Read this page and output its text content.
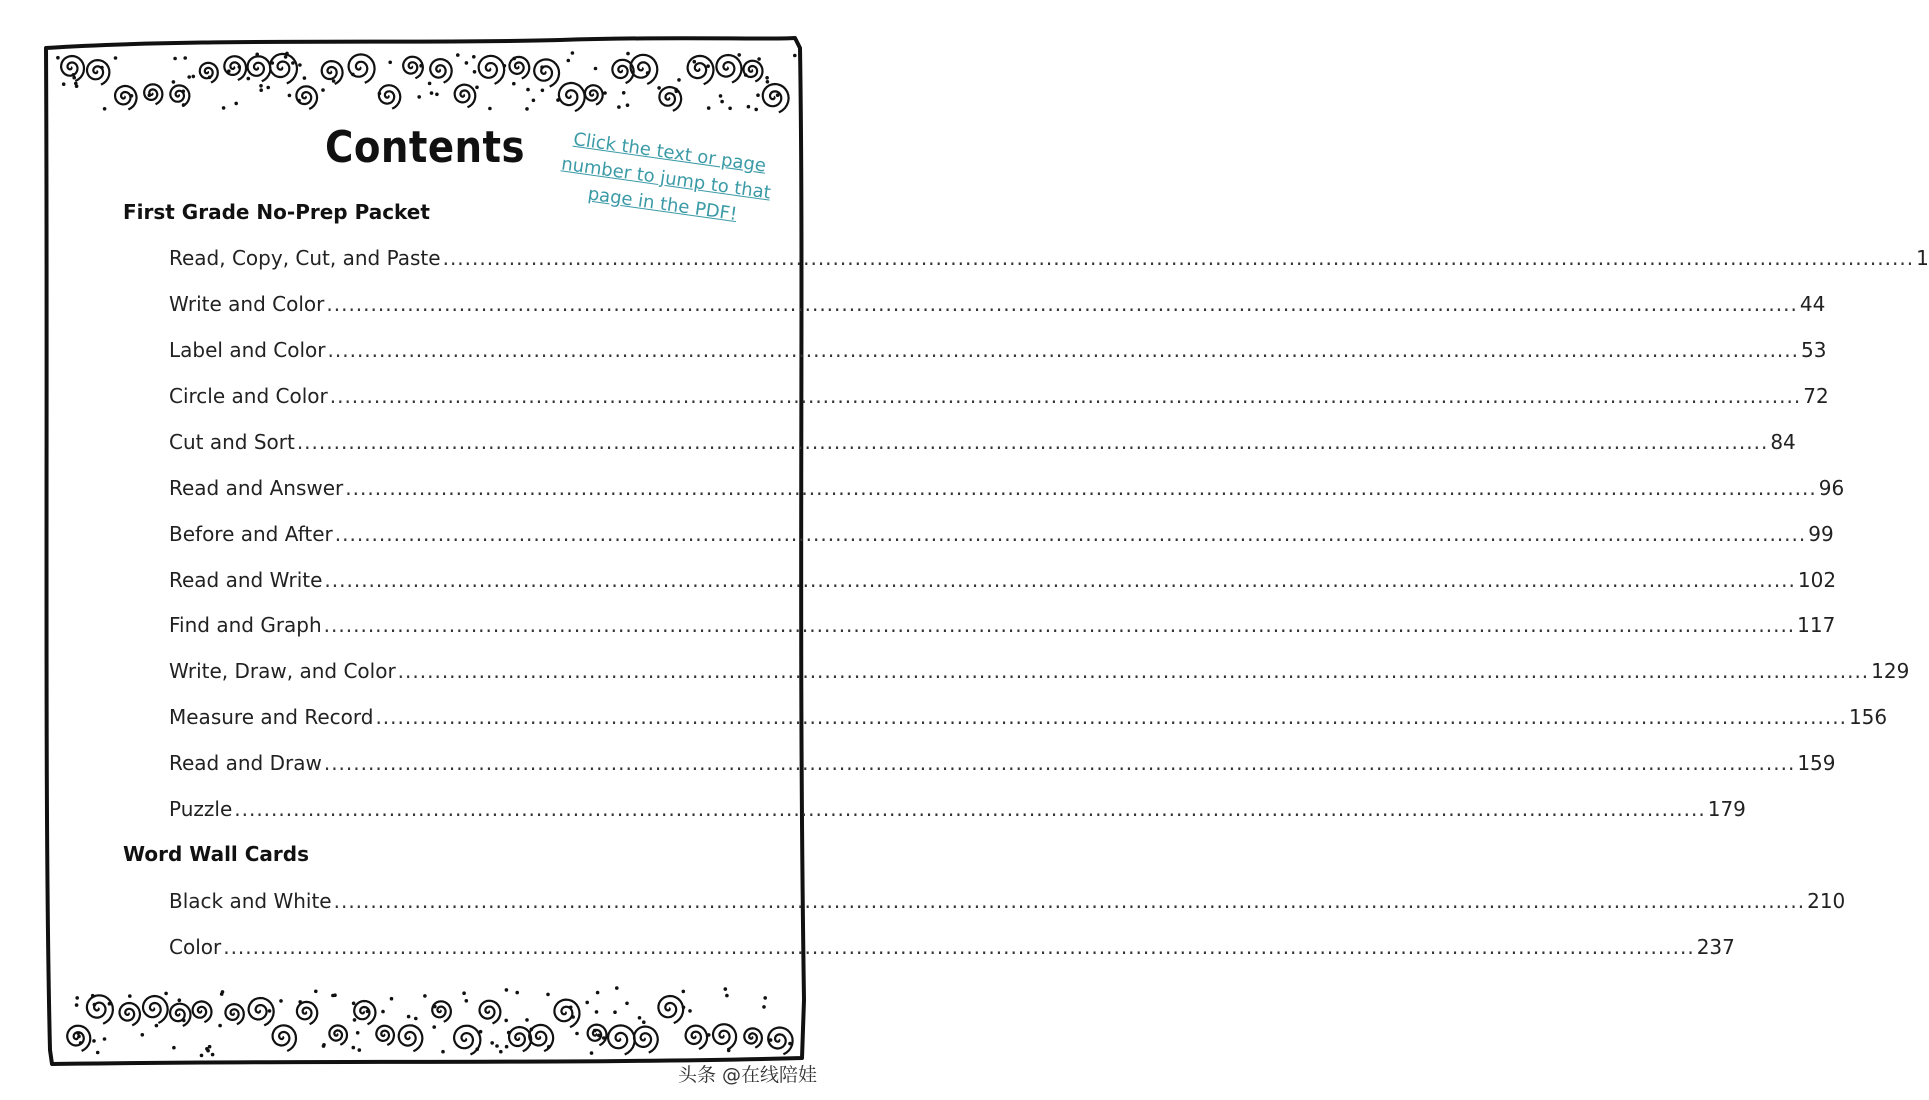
Contents	Click the text or page number to jump to that page in the PDF!
First Grade No-Prep Packet
Read, Copy, Cut, and Paste ........................................................................................................................................................................................................ 1
Write and Color ........................................................................................................................................................................................................ 44
Label and Color ........................................................................................................................................................................................................ 53
Circle and Color ........................................................................................................................................................................................................ 72
Cut and Sort ........................................................................................................................................................................................................ 84
Read and Answer ........................................................................................................................................................................................................ 96
Before and After ........................................................................................................................................................................................................ 99
Read and Write ........................................................................................................................................................................................................ 102
Find and Graph ........................................................................................................................................................................................................ 117
Write, Draw, and Color ........................................................................................................................................................................................................ 129
Measure and Record ........................................................................................................................................................................................................ 156
Read and Draw ........................................................................................................................................................................................................ 159
Puzzle ........................................................................................................................................................................................................ 179
Word Wall Cards
Black and White ........................................................................................................................................................................................................ 210
Color ........................................................................................................................................................................................................ 237
头条 @在线陪娃
